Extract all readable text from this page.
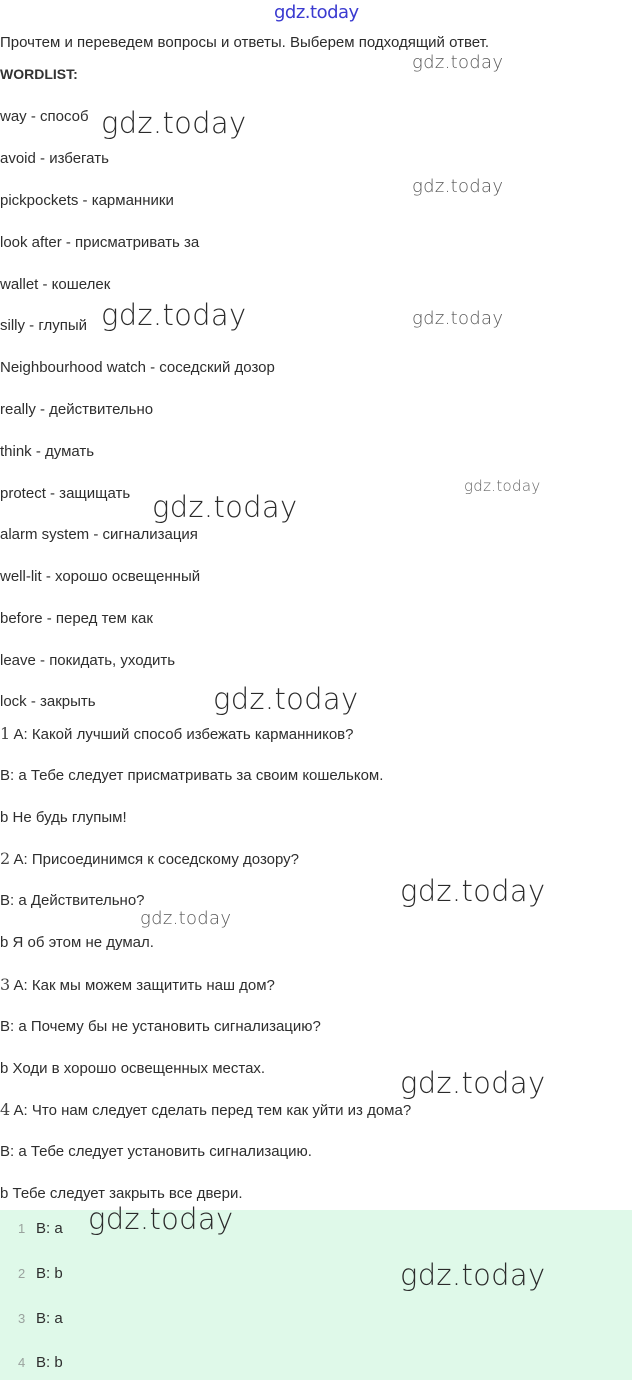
gdz.today
Прочтем и переведем вопросы и ответы. Выберем подходящий ответ.
WORDLIST:
way - способ
avoid - избегать
pickpockets - карманники
look after - присматривать за
wallet - кошелек
silly - глупый
Neighbourhood watch - соседский дозор
really - действительно
think - думать
protect - защищать
alarm system - сигнализация
well-lit - хорошо освещенный
before - перед тем как
leave - покидать, уходить
lock - закрыть
1 A: Какой лучший способ избежать карманников?
B: a Тебе следует присматривать за своим кошельком.
b Не будь глупым!
2 A: Присоединимся к соседскому дозору?
B: a Действительно?
b Я об этом не думал.
3 A: Как мы можем защитить наш дом?
B: a Почему бы не установить сигнализацию?
b Ходи в хорошо освещенных местах.
4 A: Что нам следует сделать перед тем как уйти из дома?
B: a Тебе следует установить сигнализацию.
b Тебе следует закрыть все двери.
1 B: a
2 B: b
3 B: a
4 B: b
gdz.today
gdz.today
gdz.today
gdz.today	gdz.today
gdz.today
gdz.today
gdz.today
gdz.today
gdz.today
gdz.today
gdz.today
gdz.today
